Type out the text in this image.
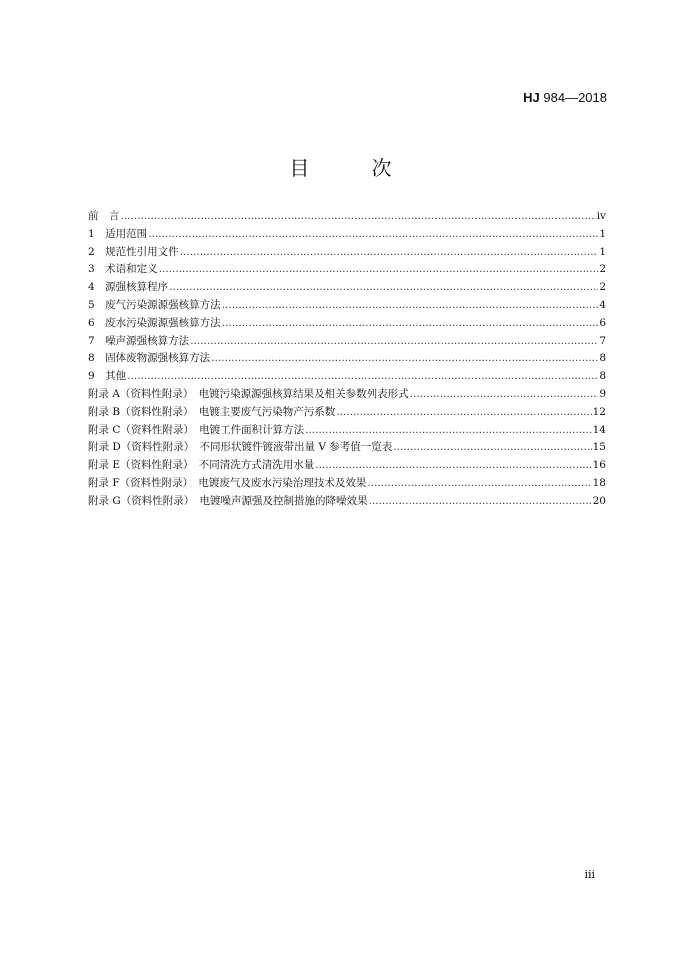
HJ 984—2018
目 次
前　言 .....	iv
1　适用范围 .....	1
2　规范性引用文件 .....	1
3　术语和定义 .....	2
4　源强核算程序 .....	2
5　废气污染源源强核算方法 .....	4
6　废水污染源源强核算方法 .....	6
7　噪声源强核算方法 .....	7
8　固体废物源强核算方法 .....	8
9　其他 .....	8
附录 A（资料性附录）　电镀污染源源强核算结果及相关参数列表形式 .....	9
附录 B（资料性附录）　电镀主要废气污染物产污系数 .....	12
附录 C（资料性附录）　电镀工件面积计算方法 .....	14
附录 D（资料性附录）　不同形状镀件镀液带出量 V 参考值一览表 .....	15
附录 E（资料性附录）　不同清洗方式清洗用水量 .....	16
附录 F（资料性附录）　电镀废气及废水污染治理技术及效果 .....	18
附录 G（资料性附录）　电镀噪声源强及控制措施的降噪效果 .....	20
iii
